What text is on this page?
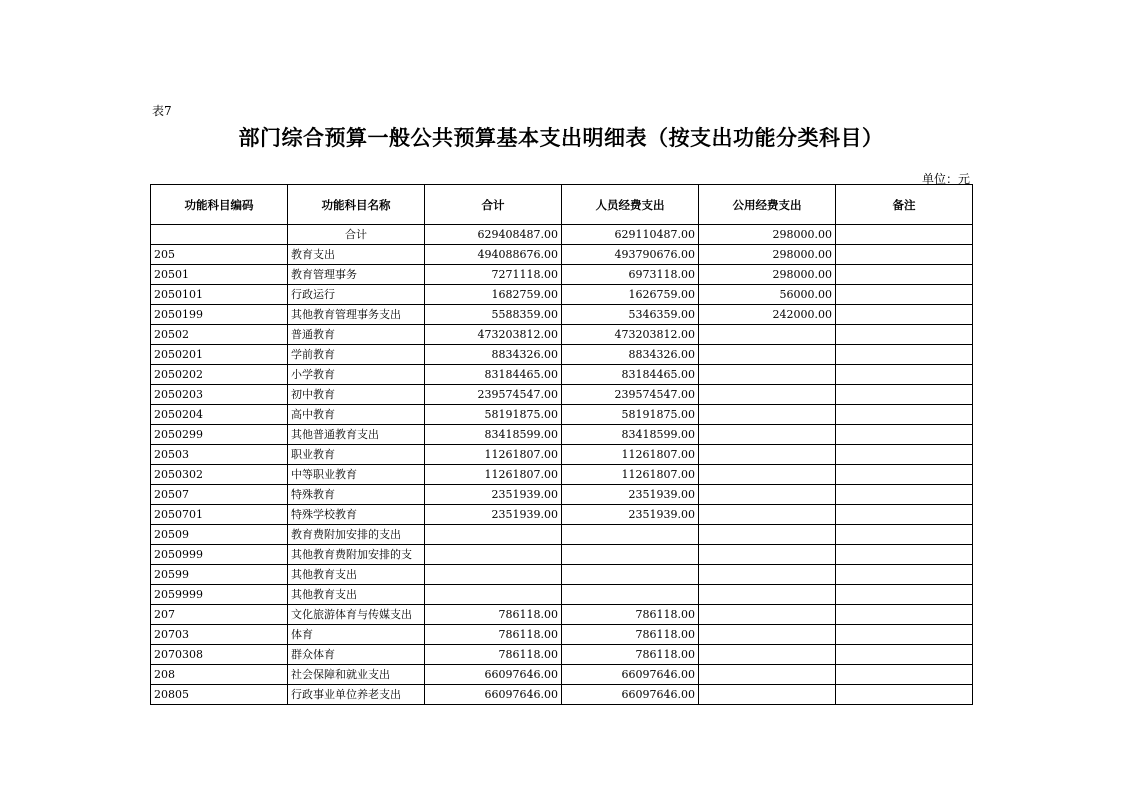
表7
部门综合预算一般公共预算基本支出明细表（按支出功能分类科目）
单位：元
功能科目编码	功能科目名称	合计	人员经费支出	公用经费支出	备注
	合计	629408487.00	629110487.00	298000.00	
205	教育支出	494088676.00	493790676.00	298000.00	
20501	教育管理事务	7271118.00	6973118.00	298000.00	
2050101	行政运行	1682759.00	1626759.00	56000.00	
2050199	其他教育管理事务支出	5588359.00	5346359.00	242000.00	
20502	普通教育	473203812.00	473203812.00		
2050201	学前教育	8834326.00	8834326.00		
2050202	小学教育	83184465.00	83184465.00		
2050203	初中教育	239574547.00	239574547.00		
2050204	高中教育	58191875.00	58191875.00		
2050299	其他普通教育支出	83418599.00	83418599.00		
20503	职业教育	11261807.00	11261807.00		
2050302	中等职业教育	11261807.00	11261807.00		
20507	特殊教育	2351939.00	2351939.00		
2050701	特殊学校教育	2351939.00	2351939.00		
20509	教育费附加安排的支出				
2050999	其他教育费附加安排的支				
20599	其他教育支出				
2059999	其他教育支出				
207	文化旅游体育与传媒支出	786118.00	786118.00		
20703	体育	786118.00	786118.00		
2070308	群众体育	786118.00	786118.00		
208	社会保障和就业支出	66097646.00	66097646.00		
20805	行政事业单位养老支出	66097646.00	66097646.00		
